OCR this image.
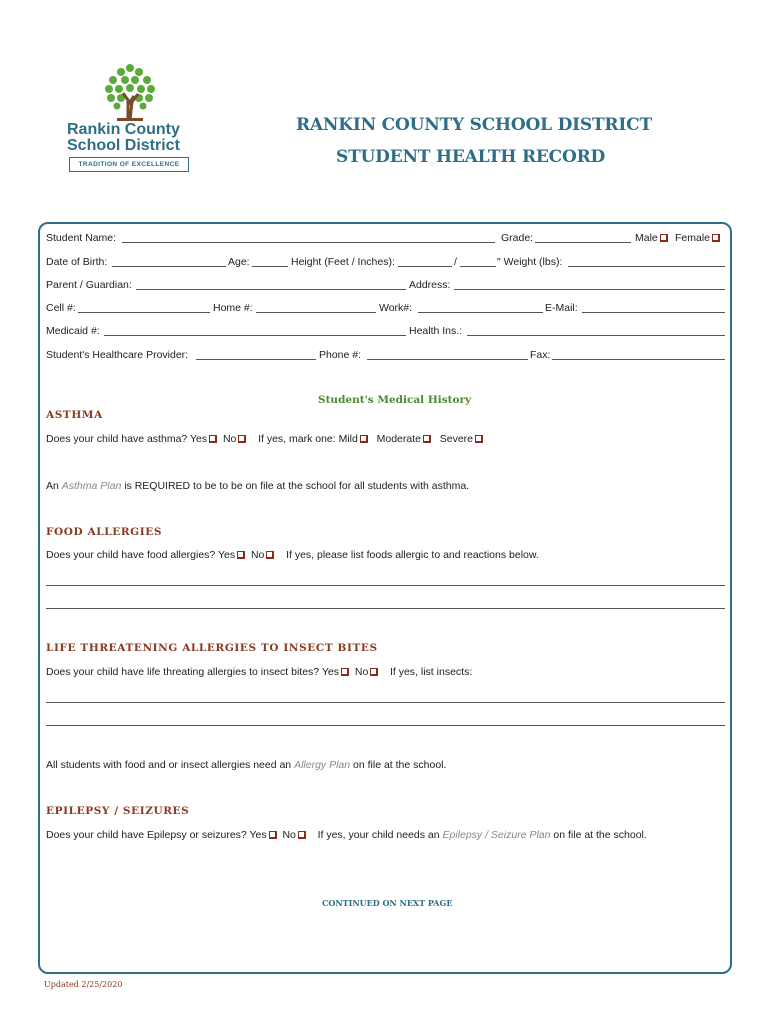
Rankin County
School District
TRADITION OF EXCELLENCE
RANKIN COUNTY SCHOOL DISTRICT
STUDENT HEALTH RECORD
Student Name:	Grade:	Male	Female
Date of Birth:	Age:	Height (Feet / Inches):	/	" Weight (lbs):
Parent / Guardian:	Address:
Cell #:	Home #:	Work#:	E-Mail:
Medicaid #:	Health Ins.:
Student's Healthcare Provider:	Phone #:	Fax:
Student's Medical History
ASTHMA
Does your child have asthma? Yes No If yes, mark one: Mild Moderate Severe
An Asthma Plan is REQUIRED to be to be on file at the school for all students with asthma.
FOOD ALLERGIES
Does your child have food allergies? Yes No If yes, please list foods allergic to and reactions below.
LIFE THREATENING ALLERGIES TO INSECT BITES
Does your child have life threating allergies to insect bites? Yes No If yes, list insects:
All students with food and or insect allergies need an Allergy Plan on file at the school.
EPILEPSY / SEIZURES
Does your child have Epilepsy or seizures? Yes No If yes, your child needs an Epilepsy / Seizure Plan on file at the school.
CONTINUED ON NEXT PAGE
Updated 2/25/2020
